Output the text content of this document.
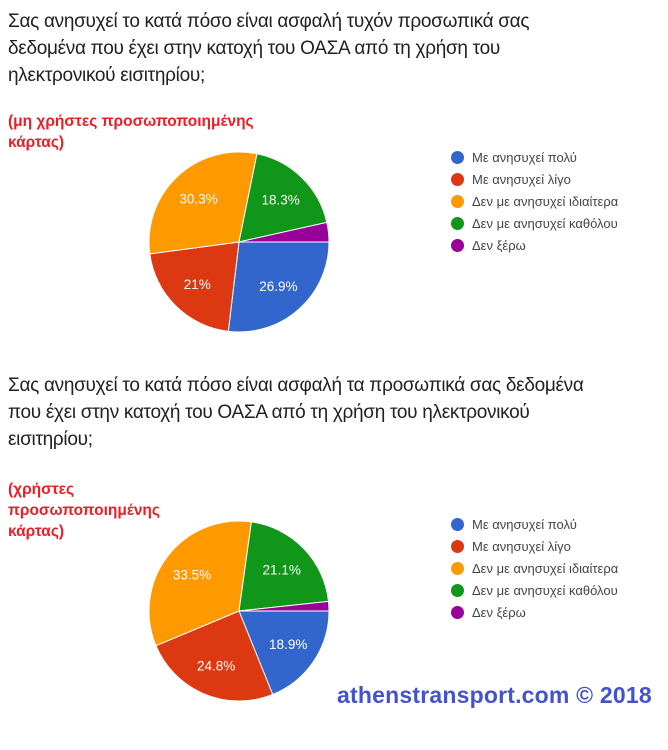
Σας ανησυχεί το κατά πόσο είναι ασφαλή τυχόν προσωπικά σας
δεδομένα που έχει στην κατοχή του ΟΑΣΑ από τη χρήση του
ηλεκτρονικού εισιτηρίου;
(μη χρήστες προσωποποιημένης
κάρτας)
26.9%
21%
30.3%	18.3%
Με ανησυχεί πολύ
Με ανησυχεί λίγο
Δεν με ανησυχεί ιδιαίτερα
Δεν με ανησυχεί καθόλου
Δεν ξέρω
Σας ανησυχεί το κατά πόσο είναι ασφαλή τα προσωπικά σας δεδομένα
που έχει στην κατοχή του ΟΑΣΑ από τη χρήση του ηλεκτρονικού
εισιτηρίου;
(χρήστες
προσωποποιημένης
κάρτας)
18.9%
24.8%
33.5%	21.1%
Με ανησυχεί πολύ
Με ανησυχεί λίγο
Δεν με ανησυχεί ιδιαίτερα
Δεν με ανησυχεί καθόλου
Δεν ξέρω
athenstransport.com © 2018
